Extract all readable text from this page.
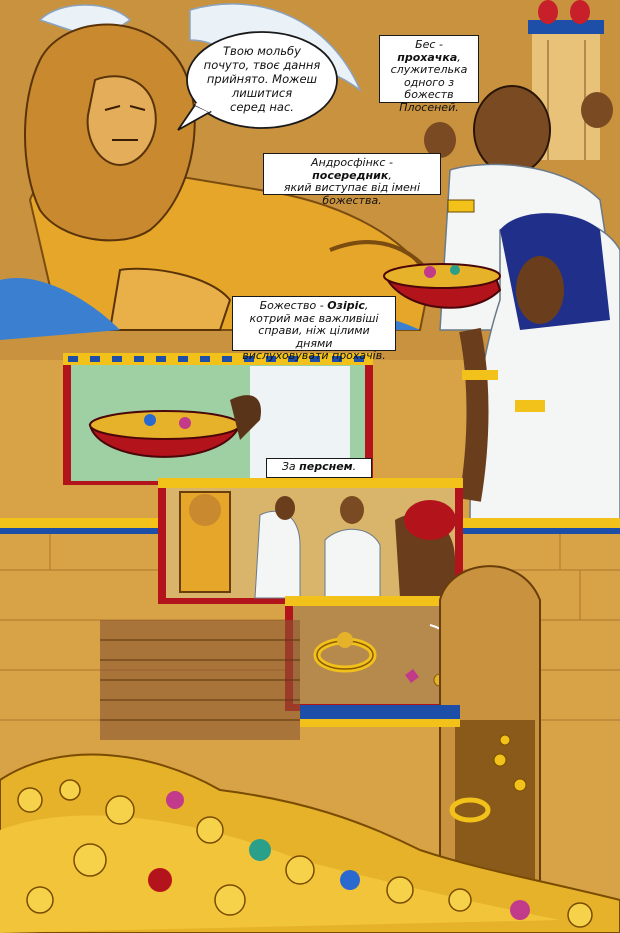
Твою мольбу
почуто, твоє дання
прийнято. Можеш
лишитися
серед нас.
Бес - прохачка,
служителька
одного з
божеств
Плосеней.
Андросфінкс - посередник,
який виступає від імені
божества.
Божество - Озіріс,
котрий має важливіші
справи, ніж цілими днями
вислуховувати прохачів.
За перснем.
